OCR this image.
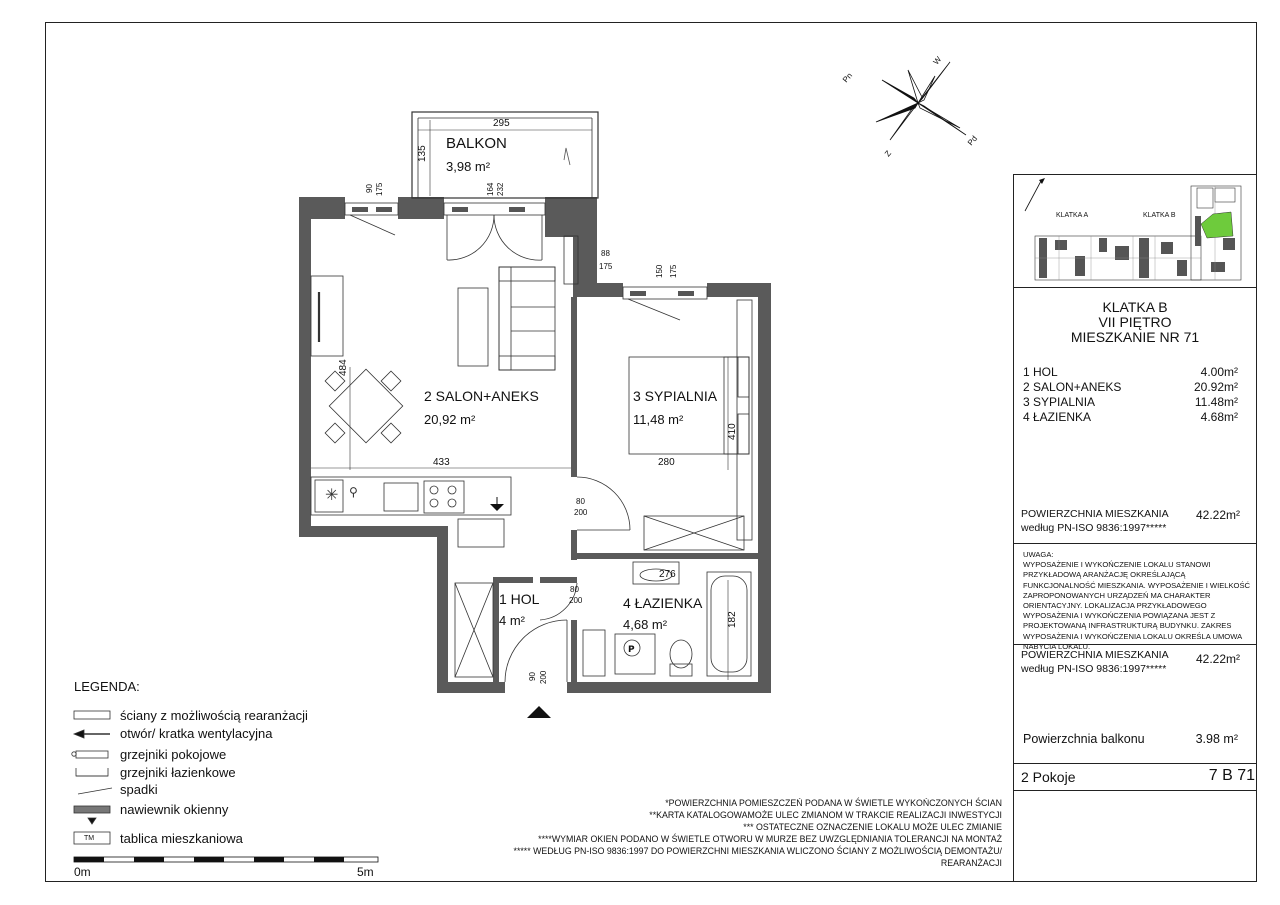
✳ ⚲
P
BALKON
3,98 m²
2 SALON+ANEKS
20,92 m²
3 SYPIALNIA
11,48 m²
1 HOL
4 m²
4 ŁAZIENKA
4,68 m²
295
135
90 175	164 232
88
175	150 175
484
433	280
410
80
200
80
200
276
182
90 200
Pn
W
Pd
Z
LEGENDA:
ściany z możliwością rearanżacji
otwór/ kratka wentylacyjna
grzejniki pokojowe
grzejniki łazienkowe
spadki
nawiewnik okienny
tablica mieszkaniowa
TM
0m	5m
*POWIERZCHNIA POMIESZCZEŃ PODANA W ŚWIETLE WYKOŃCZONYCH ŚCIAN
**KARTA KATALOGOWAMOŻE ULEC ZMIANOM W TRAKCIE REALIZACJI INWESTYCJI
*** OSTATECZNE OZNACZENIE LOKALU MOŻE ULEC ZMIANIE
****WYMIAR OKIEN PODANO W ŚWIETLE OTWORU W MURZE BEZ UWZGLĘDNIANIA TOLERANCJI NA MONTAŻ
***** WEDŁUG PN-ISO 9836:1997 DO POWIERZCHNI MIESZKANIA WLICZONO ŚCIANY Z MOŻLIWOŚCIĄ DEMONTAŻU/
REARANŻACJI
KLATKA A	KLATKA B
KLATKA B
VII PIĘTRO
MIESZKANIE NR 71
1 HOL	4.00m²
2 SALON+ANEKS	20.92m²
3 SYPIALNIA	11.48m²
4 ŁAZIENKA	4.68m²
POWIERZCHNIA MIESZKANIA
według PN-ISO 9836:1997*****
42.22m²
UWAGA:
WYPOSAŻENIE I WYKOŃCZENIE LOKALU STANOWI PRZYKŁADOWĄ ARANŻACJĘ OKREŚLAJĄCĄ FUNKCJONALNOŚĆ MIESZKANIA. WYPOSAŻENIE I WIELKOŚĆ ZAPROPONOWANYCH URZĄDZEŃ MA CHARAKTER ORIENTACYJNY. LOKALIZACJA PRZYKŁADOWEGO WYPOSAŻENIA I WYKOŃCZENIA POWIĄZANA JEST Z PROJEKTOWANĄ INFRASTRUKTURĄ BUDYNKU. ZAKRES WYPOSAŻENIA I WYKOŃCZENIA LOKALU OKREŚLA UMOWA NABYCIA LOKALU.
POWIERZCHNIA MIESZKANIA
według PN-ISO 9836:1997*****
42.22m²
Powierzchnia balkonu	3.98 m²
2 Pokoje	7 B 71
